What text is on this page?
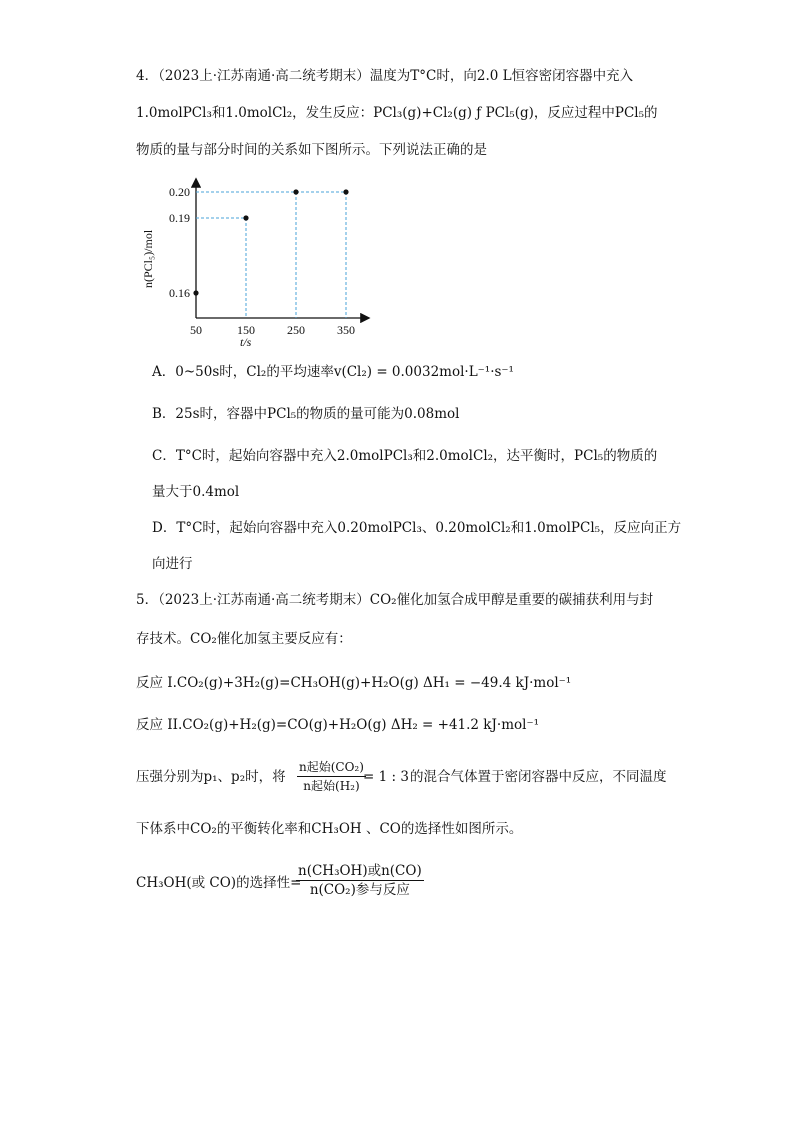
4．（2023上·江苏南通·高二统考期末）温度为T°C时，向2.0 L恒容密闭容器中充入
1.0molPCl₃和1.0molCl₂，发生反应：PCl₃(g)+Cl₂(g) ƒ PCl₅(g)，反应过程中PCl₅的
物质的量与部分时间的关系如下图所示。下列说法正确的是
50	150	250	350
0.16
0.19
0.20
t/s
n(PCl₅)/mol
A．0~50s时，Cl₂的平均速率v(Cl₂) = 0.0032mol·L⁻¹·s⁻¹
B．25s时，容器中PCl₅的物质的量可能为0.08mol
C．T°C时，起始向容器中充入2.0molPCl₃和2.0molCl₂，达平衡时，PCl₅的物质的
量大于0.4mol
D．T°C时，起始向容器中充入0.20molPCl₃、0.20molCl₂和1.0molPCl₅，反应向正方
向进行
5．（2023上·江苏南通·高二统考期末）CO₂催化加氢合成甲醇是重要的碳捕获利用与封
存技术。CO₂催化加氢主要反应有：
反应 I.CO₂(g)+3H₂(g)=CH₃OH(g)+H₂O(g) ΔH₁ = −49.4 kJ·mol⁻¹
反应 II.CO₂(g)+H₂(g)=CO(g)+H₂O(g) ΔH₂ = +41.2 kJ·mol⁻¹
压强分别为p₁、p₂时，将
n起始(CO₂)
n起始(H₂)
= 1 : 3 的混合气体置于密闭容器中反应，不同温度
下体系中CO₂的平衡转化率和CH₃OH 、CO的选择性如图所示。
CH₃OH(或 CO)的选择性=
n(CH₃OH)或n(CO)
n(CO₂)参与反应
